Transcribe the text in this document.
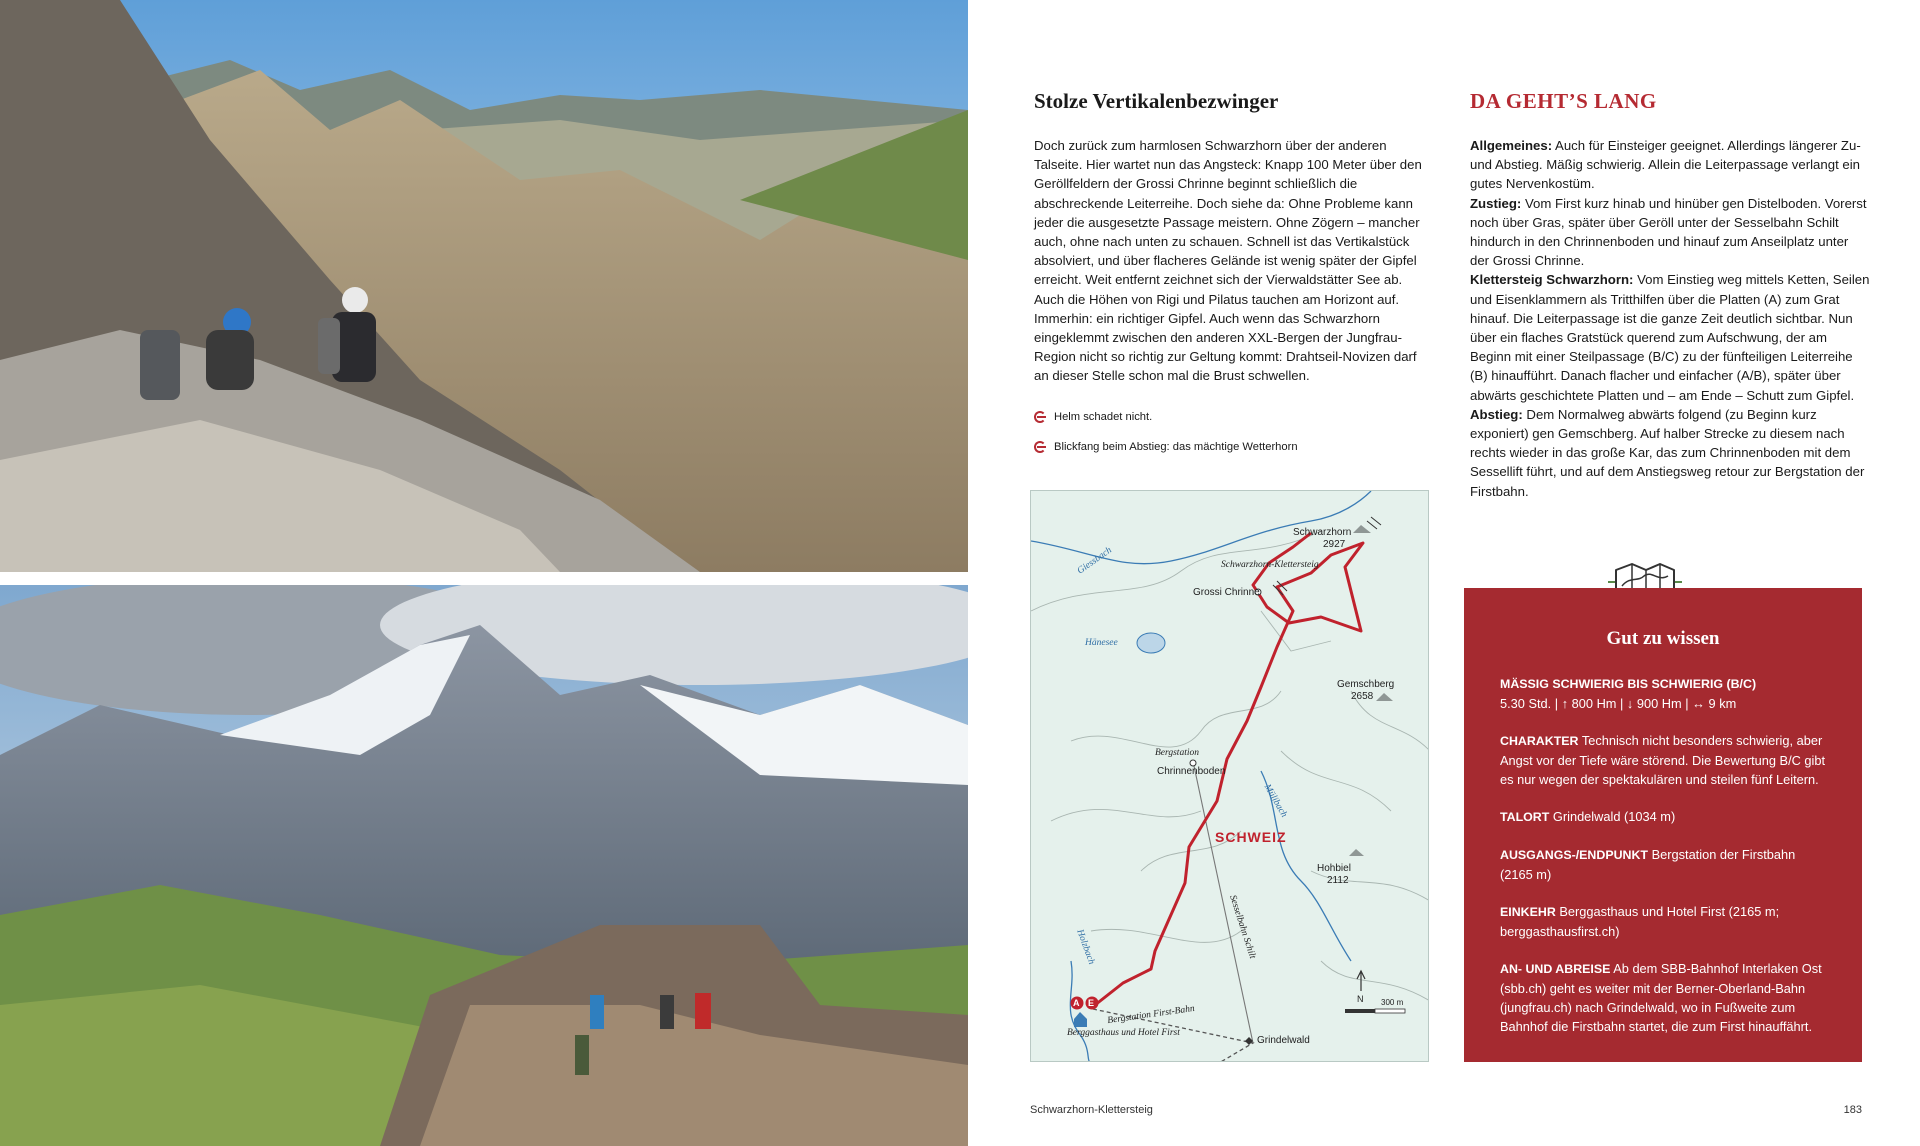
Stolze Vertikalenbezwinger

Doch zurück zum harmlosen Schwarzhorn über der anderen Talseite. Hier wartet nun das Angsteck: Knapp 100 Meter über den Geröllfeldern der Grossi Chrinne beginnt schließlich die abschreckende Leiterreihe. Doch siehe da: Ohne Probleme kann jeder die ausgesetzte Passage meistern. Ohne Zögern – mancher auch, ohne nach unten zu schauen. Schnell ist das Vertikalstück absolviert, und über flacheres Gelände ist wenig später der Gipfel erreicht. Weit entfernt zeichnet sich der Vierwaldstätter See ab. Auch die Höhen von Rigi und Pilatus tauchen am Horizont auf.

Immerhin: ein richtiger Gipfel. Auch wenn das Schwarzhorn eingeklemmt zwischen den anderen XXL-Bergen der Jungfrau-Region nicht so richtig zur Geltung kommt: Drahtseil-Novizen darf an dieser Stelle schon mal die Brust schwellen.

Helm schadet nicht.
Blickfang beim Abstieg: das mächtige Wetterhorn
DA GEHT’S LANG

Allgemeines: Auch für Einsteiger geeignet. Allerdings längerer Zu- und Abstieg. Mäßig schwierig. Allein die Leiterpassage verlangt ein gutes Nervenkostüm.

Zustieg: Vom First kurz hinab und hinüber gen Distelboden. Vorerst noch über Gras, später über Geröll unter der Sesselbahn Schilt hindurch in den Chrinnenboden und hinauf zum Anseilplatz unter der Grossi Chrinne.

Klettersteig Schwarzhorn: Vom Einstieg weg mittels Ketten, Seilen und Eisenklammern als Tritthilfen über die Platten (A) zum Grat hinauf. Die Leiterpassage ist die ganze Zeit deutlich sichtbar. Nun über ein flaches Gratstück querend zum Aufschwung, der am Beginn mit einer Steilpassage (B/C) zu der fünfteiligen Leiterreihe (B) hinaufführt. Danach flacher und einfacher (A/B), später über abwärts geschichtete Platten und – am Ende – Schutt zum Gipfel.

Abstieg: Dem Normalweg abwärts folgend (zu Beginn kurz exponiert) gen Gemschberg. Auf halber Strecke zu diesem nach rechts wieder in das große Kar, das zum Chrinnenboden mit dem Sessellift führt, und auf dem Anstiegsweg retour zur Bergstation der Firstbahn.

Schwarzhorn
2927
Schwarzhorn-Klettersteig
Grossi Chrinne
Giessbach
Hänesee
Gemschberg
2658
Bergstation
Chrinnenboden
Mülibach
SCHWEIZ
Hohbiel
2112
Sesselbahn Schilt
Holzbach
Bergstation First-Bahn
Berggasthaus und Hotel First
Grindelwald
300 m
N
A E
Gut zu wissen

MÄSSIG SCHWIERIG BIS SCHWIERIG (B/C)
5.30 Std. | ↑ 800 Hm | ↓ 900 Hm | ↔ 9 km

CHARAKTER Technisch nicht besonders schwierig, aber Angst vor der Tiefe wäre störend. Die Bewertung B/C gibt es nur wegen der spektakulären und steilen fünf Leitern.

TALORT Grindelwald (1034 m)

AUSGANGS-/ENDPUNKT Bergstation der Firstbahn (2165 m)

EINKEHR Berggasthaus und Hotel First (2165 m; berggasthausfirst.ch)

AN- UND ABREISE Ab dem SBB-Bahnhof Interlaken Ost (sbb.ch) geht es weiter mit der Berner-Oberland-Bahn (jungfrau.ch) nach Grindelwald, wo in Fußweite zum Bahnhof die Firstbahn startet, die zum First hinauffährt.

Schwarzhorn-Klettersteig	183
